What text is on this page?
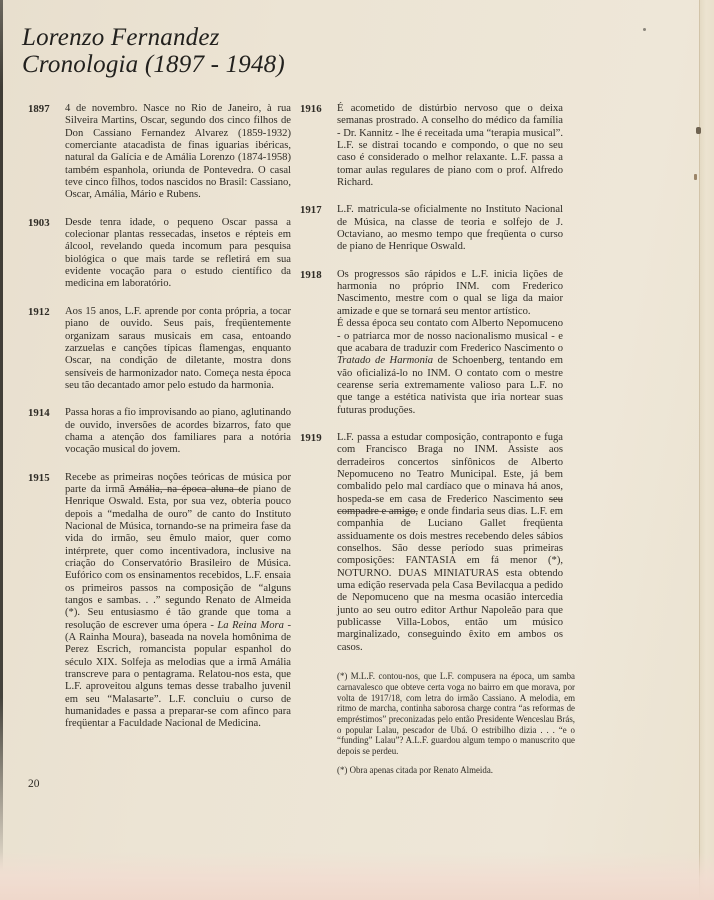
Lorenzo Fernandez
Cronologia (1897 - 1948)
1897	4 de novembro. Nasce no Rio de Janeiro, à rua Silveira Martins, Oscar, segundo dos cinco filhos de Don Cassiano Fernandez Alvarez (1859-1932) comerciante atacadista de finas iguarias ibéricas, natural da Galícia e de Amália Lorenzo (1874-1958) também espanhola, oriunda de Pontevedra. O casal teve cinco filhos, todos nascidos no Brasil: Cassiano, Oscar, Amália, Mário e Rubens.

1903	Desde tenra idade, o pequeno Oscar passa a colecionar plantas ressecadas, insetos e répteis em álcool, revelando queda incomum para pesquisa biológica o que mais tarde se refletirá em sua evidente vocação para o estudo científico da medicina em laboratório.

1912	Aos 15 anos, L.F. aprende por conta própria, a tocar piano de ouvido. Seus pais, freqüentemente organizam saraus musicais em casa, entoando zarzuelas e canções típicas flamengas, enquanto Oscar, na condição de diletante, mostra dons sensíveis de harmonizador nato. Começa nesta época seu tão decantado amor pelo estudo da harmonia.

1914	Passa horas a fio improvisando ao piano, aglutinando de ouvido, inversões de acordes bizarros, fato que chama a atenção dos familiares para a notória vocação musical do jovem.

1915	Recebe as primeiras noções teóricas de música por parte da irmã Amália, na época aluna de piano de Henrique Oswald. Esta, por sua vez, obteria pouco depois a “medalha de ouro” de canto do Instituto Nacional de Música, tornando-se na primeira fase da vida do irmão, seu êmulo maior, quer como intérprete, quer como incentivadora, inclusive na criação do Conservatório Brasileiro de Música. Eufórico com os ensinamentos recebidos, L.F. ensaia os primeiros passos na composição de “alguns tangos e sambas. . .” segundo Renato de Almeida (*). Seu entusiasmo é tão grande que toma a resolução de escrever uma ópera - La Reina Mora - (A Rainha Moura), baseada na novela homônima de Perez Escrich, romancista popular espanhol do século XIX. Solfeja as melodias que a irmã Amália transcreve para o pentagrama. Relatou-nos esta, que L.F. aproveitou alguns temas desse trabalho juvenil em seu “Malasarte”. L.F. concluiu o curso de humanidades e passa a preparar-se com afinco para freqüentar a Faculdade Nacional de Medicina.

1916	É acometido de distúrbio nervoso que o deixa semanas prostrado. A conselho do médico da família - Dr. Kannitz - lhe é receitada uma “terapia musical”. L.F. se distrai tocando e compondo, o que no seu caso é considerado o melhor relaxante. L.F. passa a tomar aulas regulares de piano com o prof. Alfredo Richard.

1917	L.F. matricula-se oficialmente no Instituto Nacional de Música, na classe de teoria e solfejo de J. Octaviano, ao mesmo tempo que freqüenta o curso de piano de Henrique Oswald.

1918	Os progressos são rápidos e L.F. inicia lições de harmonia no próprio INM. com Frederico Nascimento, mestre com o qual se liga da maior amizade e que se tornará seu mentor artístico.

É dessa época seu contato com Alberto Nepomuceno - o patriarca mor de nosso nacionalismo musical - e que acabara de traduzir com Frederico Nascimento o Tratado de Harmonia de Schoenberg, tentando em vão oficializá-lo no INM. O contato com o mestre cearense seria extremamente valioso para L.F. no que tange a estética nativista que iria nortear suas futuras produções.

1919	L.F. passa a estudar composição, contraponto e fuga com Francisco Braga no INM. Assiste aos derradeiros concertos sinfônicos de Alberto Nepomuceno no Teatro Municipal. Este, já bem combalido pelo mal cardíaco que o minava há anos, hospeda-se em casa de Frederico Nascimento seu compadre e amigo, e onde findaria seus dias. L.F. em companhia de Luciano Gallet freqüenta assiduamente os dois mestres recebendo deles sábios conselhos. São desse período suas primeiras composições: FANTASIA em fá menor (*), NOTURNO. DUAS MINIATURAS esta obtendo uma edição reservada pela Casa Bevilacqua a pedido de Nepomuceno que na mesma ocasião intercedia junto ao seu outro editor Arthur Napoleão para que publicasse Villa-Lobos, então um músico marginalizado, conseguindo êxito em ambos os casos.

(*) M.L.F. contou-nos, que L.F. compusera na época, um samba carnavalesco que obteve certa voga no bairro em que morava, por volta de 1917/18, com letra do irmão Cassiano. A melodia, em ritmo de marcha, continha saborosa charge contra “as reformas de empréstimos” preconizadas pelo então Presidente Wenceslau Brás, o popular Lalau, pescador de Ubá. O estribilho dizia . . . “e o “funding” Lalau”? A.L.F. guardou algum tempo o manuscrito que depois se perdeu.

(*) Obra apenas citada por Renato Almeida.

20
